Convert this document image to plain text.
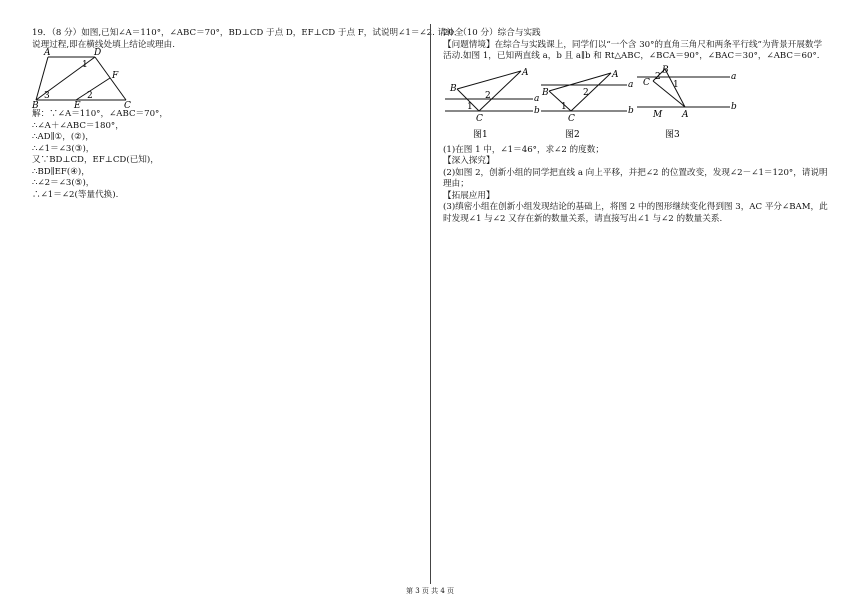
19．（8 分）如图,已知∠A＝110°，∠ABC＝70°，BD⊥CD 于点 D，EF⊥CD 于点 F，试说明∠1＝∠2. 请补全

说理过程,即在横线处填上结论或理由.

A	D
F
B	E	C
1
2
3

解：∵∠A＝110°，∠ABC＝70°，

∴∠A＋∠ABC＝180°，

∴AD∥①，(②)，

∴∠1＝∠3(③)，

又∵BD⊥CD，EF⊥CD(已知)，

∴BD∥EF(④)，

∴∠2＝∠3(⑤)，

∴∠1＝∠2(等量代换).

20．（10 分）综合与实践

【问题情境】在综合与实践课上，同学们以“一个含 30°的直角三角尺和两条平行线”为背景开展数学活动.如图 1，已知两直线 a，b 且 a∥b 和 Rt△ABC，∠BCA＝90°，∠BAC＝30°，∠ABC＝60°.

A
B
C
a
b
1
2
图1
A
B
C
a
b
1
2
图2
B
C
A
M
a
b
1
2
图3

(1)在图 1 中，∠1＝46°，求∠2 的度数；

【深入探究】

(2)如图 2，创新小组的同学把直线 a 向上平移，并把∠2 的位置改变，发现∠2－∠1＝120°，请说明理由；

【拓展应用】

(3)缜密小组在创新小组发现结论的基础上，将图 2 中的图形继续变化得到图 3，AC 平分∠BAM，此时发现∠1 与∠2 又存在新的数量关系，请直接写出∠1 与∠2 的数量关系.

第 3 页 共 4 页
